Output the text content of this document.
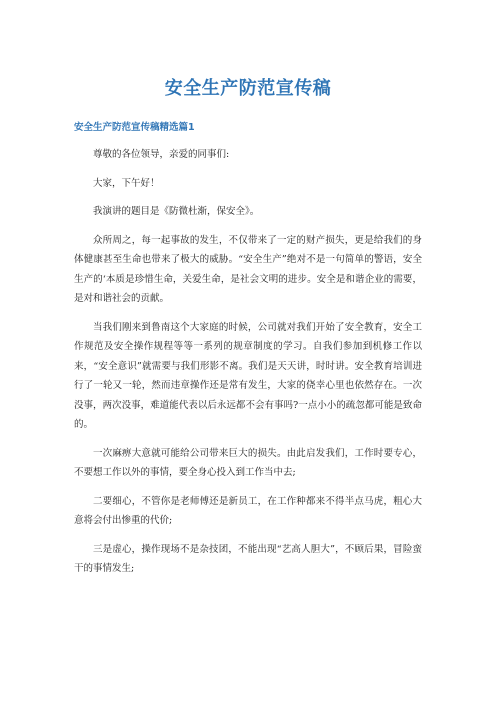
安全生产防范宣传稿
安全生产防范宣传稿精选篇1

尊敬的各位领导，亲爱的同事们:

大家，下午好！

我演讲的题目是《防微杜渐，保安全》。

众所周之，每一起事故的发生，不仅带来了一定的财产损失，更是给我们的身体健康甚至生命也带来了极大的威胁。“安全生产”绝对不是一句简单的警语，安全生产的‘本质是珍惜生命，关爱生命，是社会文明的进步。安全是和谐企业的需要，是对和谐社会的贡献。

当我们刚来到鲁南这个大家庭的时候，公司就对我们开始了安全教育，安全工作规范及安全操作规程等等一系列的规章制度的学习。自我们参加到机修工作以来，“安全意识”就需要与我们形影不离。我们是天天讲，时时讲。安全教育培训进行了一轮又一轮，然而违章操作还是常有发生，大家的侥幸心里也依然存在。一次没事，两次没事，难道能代表以后永远都不会有事吗?一点小小的疏忽都可能是致命的。

一次麻痹大意就可能给公司带来巨大的损失。由此启发我们，工作时要专心，不要想工作以外的事情，要全身心投入到工作当中去;

二要细心，不管你是老师傅还是新员工，在工作种都来不得半点马虎，粗心大意将会付出惨重的代价;

三是虚心，操作现场不是杂技团，不能出现“艺高人胆大”，不顾后果，冒险蛮干的事情发生;
